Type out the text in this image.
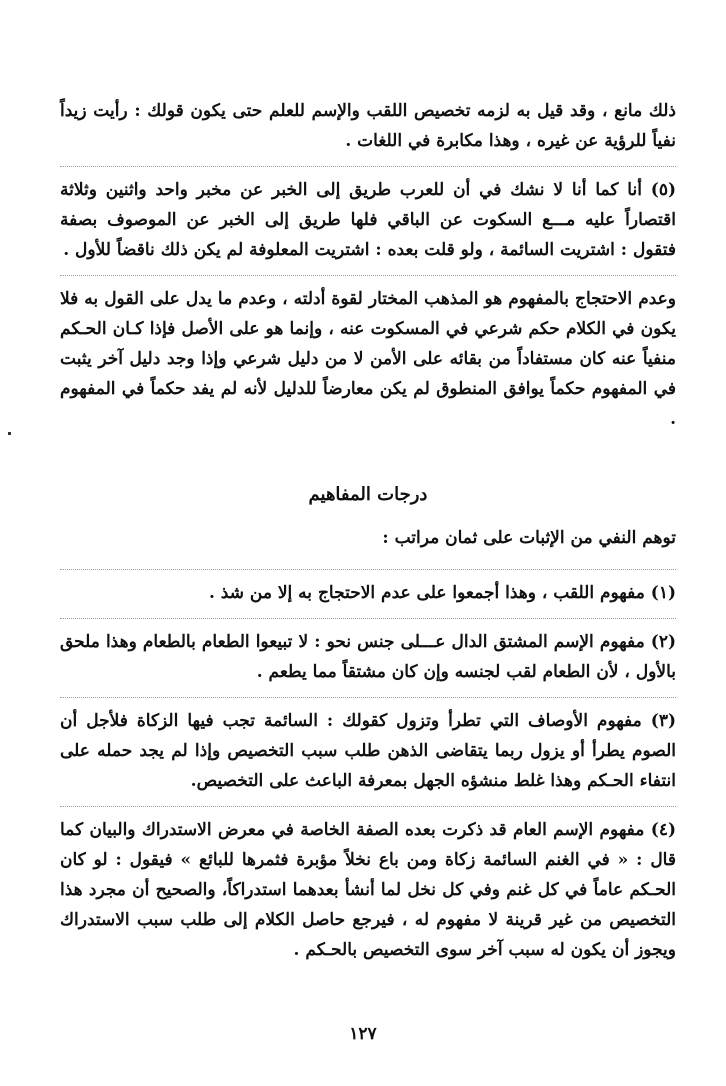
ذلك مانع ، وقد قيل به لزمه تخصيص اللقب والإسم للعلم حتى يكون قولك : رأيت زيداً نفياً للرؤية عن غيره ، وهذا مكابرة في اللغات .

(٥) أنا كما أنا لا نشك في أن للعرب طريق إلى الخبر عن مخبر واحد واثنين وثلاثة اقتصاراً عليه مـــع السكوت عن الباقي فلها طريق إلى الخبر عن الموصوف بصفة فتقول : اشتريت السائمة ، ولو قلت بعده : اشتريت المعلوفة لم يكن ذلك ناقضاً للأول .

وعدم الاحتجاج بالمفهوم هو المذهب المختار لقوة أدلته ، وعدم ما يدل على القول به فلا يكون في الكلام حكم شرعي في المسكوت عنه ، وإنما هو على الأصل فإذا كـان الحـكم منفياً عنه كان مستفاداً من بقائه على الأمن لا من دليل شرعي وإذا وجد دليل آخر يثبت في المفهوم حكماً يوافق المنطوق لم يكن معارضاً للدليل لأنه لم يفد حكماً في المفهوم .

درجات المفاهيم

توهم النفي من الإثبات على ثمان مراتب :

(١) مفهوم اللقب ، وهذا أجمعوا على عدم الاحتجاج به إلا من شذ .

(٢) مفهوم الإسم المشتق الدال عـــلى جنس نحو : لا تبيعوا الطعام بالطعام وهذا ملحق بالأول ، لأن الطعام لقب لجنسه وإن كان مشتقاً مما يطعم .

(٣) مفهوم الأوصاف التي تطرأ وتزول كقولك : السائمة تجب فيها الزكاة فلأجل أن الصوم يطرأ أو يزول ربما يتقاضى الذهن طلب سبب التخصيص وإذا لم يجد حمله على انتفاء الحـكم وهذا غلط منشؤه الجهل بمعرفة الباعث على التخصيص.

(٤) مفهوم الإسم العام قد ذكرت بعده الصفة الخاصة في معرض الاستدراك والبيان كما قال : « في الغنم السائمة زكاة ومن باع نخلاً مؤبرة فثمرها للبائع » فيقول : لو كان الحـكم عاماً في كل غنم وفي كل نخل لما أنشأ بعدهما استدراكاً، والصحيح أن مجرد هذا التخصيص من غير قرينة لا مفهوم له ، فيرجع حاصل الكلام إلى طلب سبب الاستدراك ويجوز أن يكون له سبب آخر سوى التخصيص بالحـكم .

١٢٧
